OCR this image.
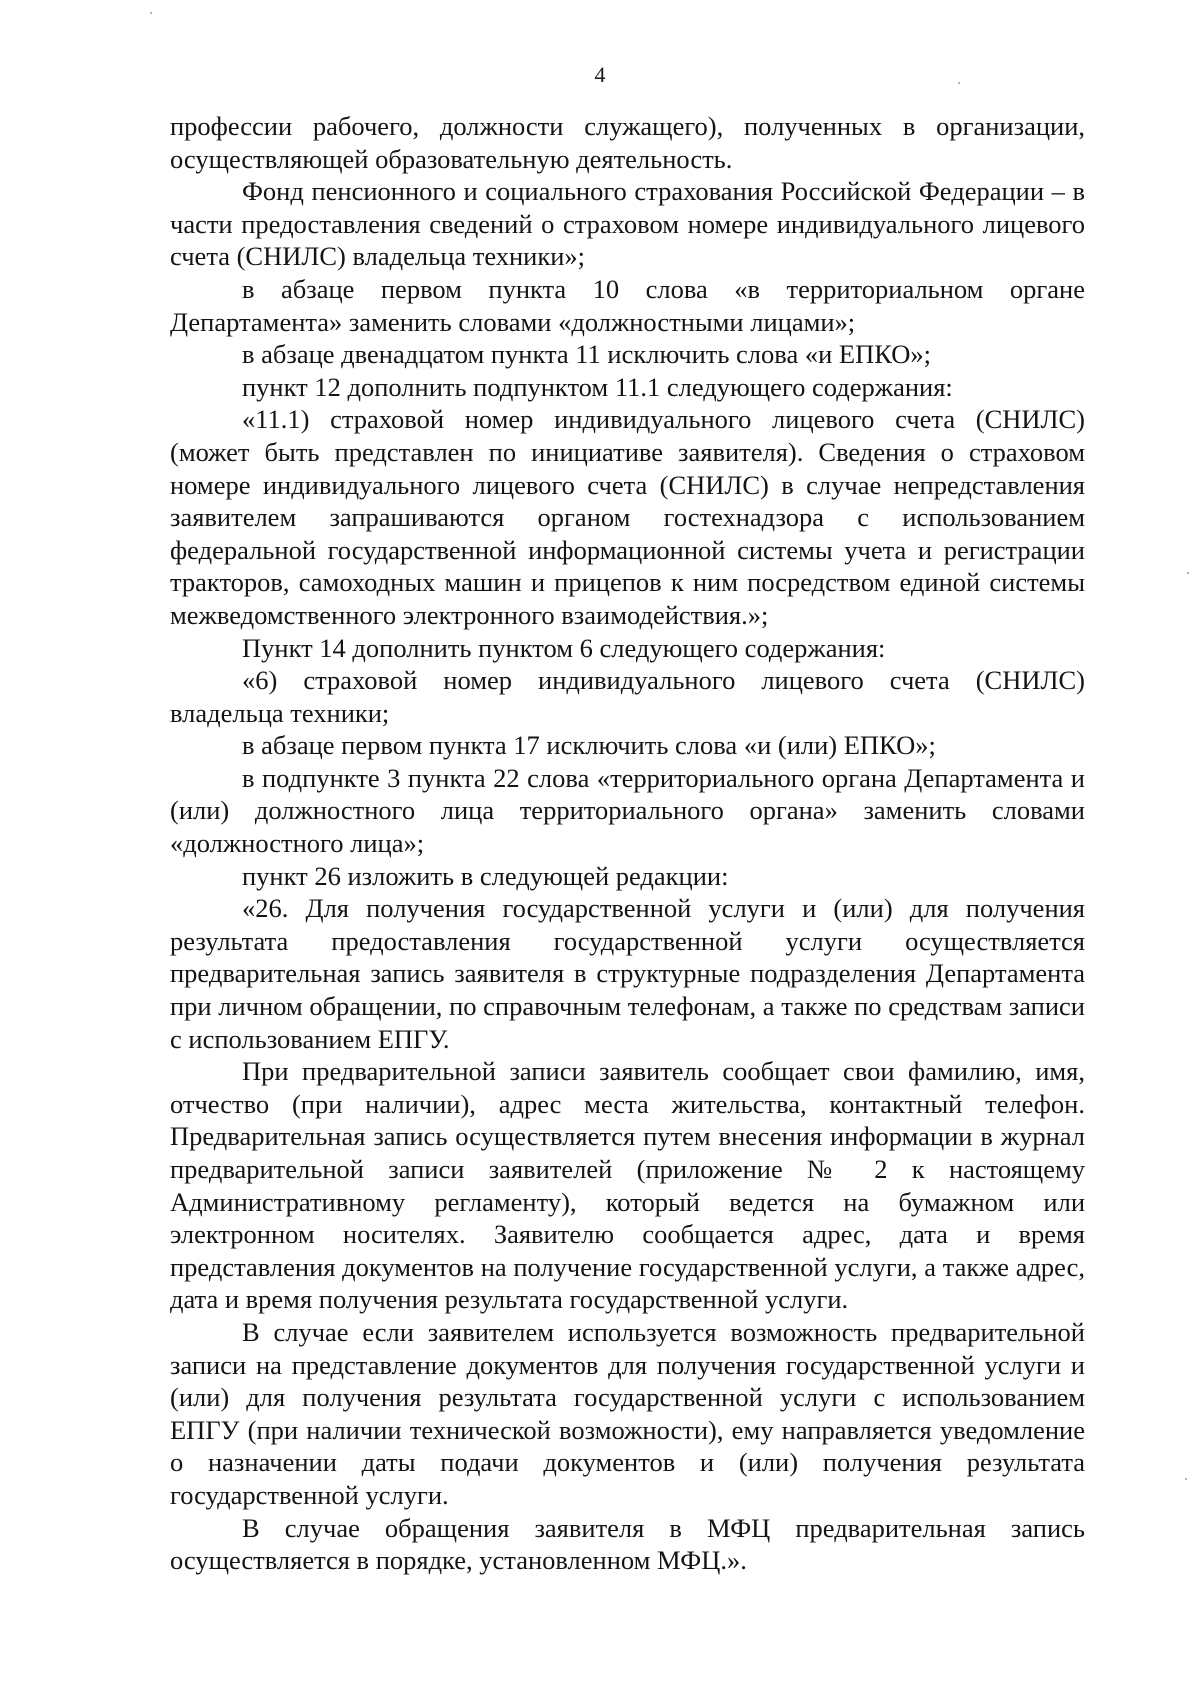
4

профессии рабочего, должности служащего), полученных в организации, осуществляющей образовательную деятельность.

Фонд пенсионного и социального страхования Российской Федерации – в части предоставления сведений о страховом номере индивидуального лицевого счета (СНИЛС) владельца техники»;

в абзаце первом пункта 10 слова «в территориальном органе Департамента» заменить словами «должностными лицами»;

в абзаце двенадцатом пункта 11 исключить слова «и ЕПКО»;

пункт 12 дополнить подпунктом 11.1 следующего содержания:

«11.1) страховой номер индивидуального лицевого счета (СНИЛС) (может быть представлен по инициативе заявителя). Сведения о страховом номере индивидуального лицевого счета (СНИЛС) в случае непредставления заявителем запрашиваются органом гостехнадзора с использованием федеральной государственной информационной системы учета и регистрации тракторов, самоходных машин и прицепов к ним посредством единой системы межведомственного электронного взаимодействия.»;

Пункт 14 дополнить пунктом 6 следующего содержания:

«6) страховой номер индивидуального лицевого счета (СНИЛС) владельца техники;

в абзаце первом пункта 17 исключить слова «и (или) ЕПКО»;

в подпункте 3 пункта 22 слова «территориального органа Департамента и (или) должностного лица территориального органа» заменить словами «должностного лица»;

пункт 26 изложить в следующей редакции:

«26. Для получения государственной услуги и (или) для получения результата предоставления государственной услуги осуществляется предварительная запись заявителя в структурные подразделения Департамента при личном обращении, по справочным телефонам, а также по средствам записи с использованием ЕПГУ.

При предварительной записи заявитель сообщает свои фамилию, имя, отчество (при наличии), адрес места жительства, контактный телефон. Предварительная запись осуществляется путем внесения информации в журнал предварительной записи заявителей (приложение № 2 к настоящему Административному регламенту), который ведется на бумажном или электронном носителях. Заявителю сообщается адрес, дата и время представления документов на получение государственной услуги, а также адрес, дата и время получения результата государственной услуги.

В случае если заявителем используется возможность предварительной записи на представление документов для получения государственной услуги и (или) для получения результата государственной услуги с использованием ЕПГУ (при наличии технической возможности), ему направляется уведомление о назначении даты подачи документов и (или) получения результата государственной услуги.

В случае обращения заявителя в МФЦ предварительная запись осуществляется в порядке, установленном МФЦ.».
